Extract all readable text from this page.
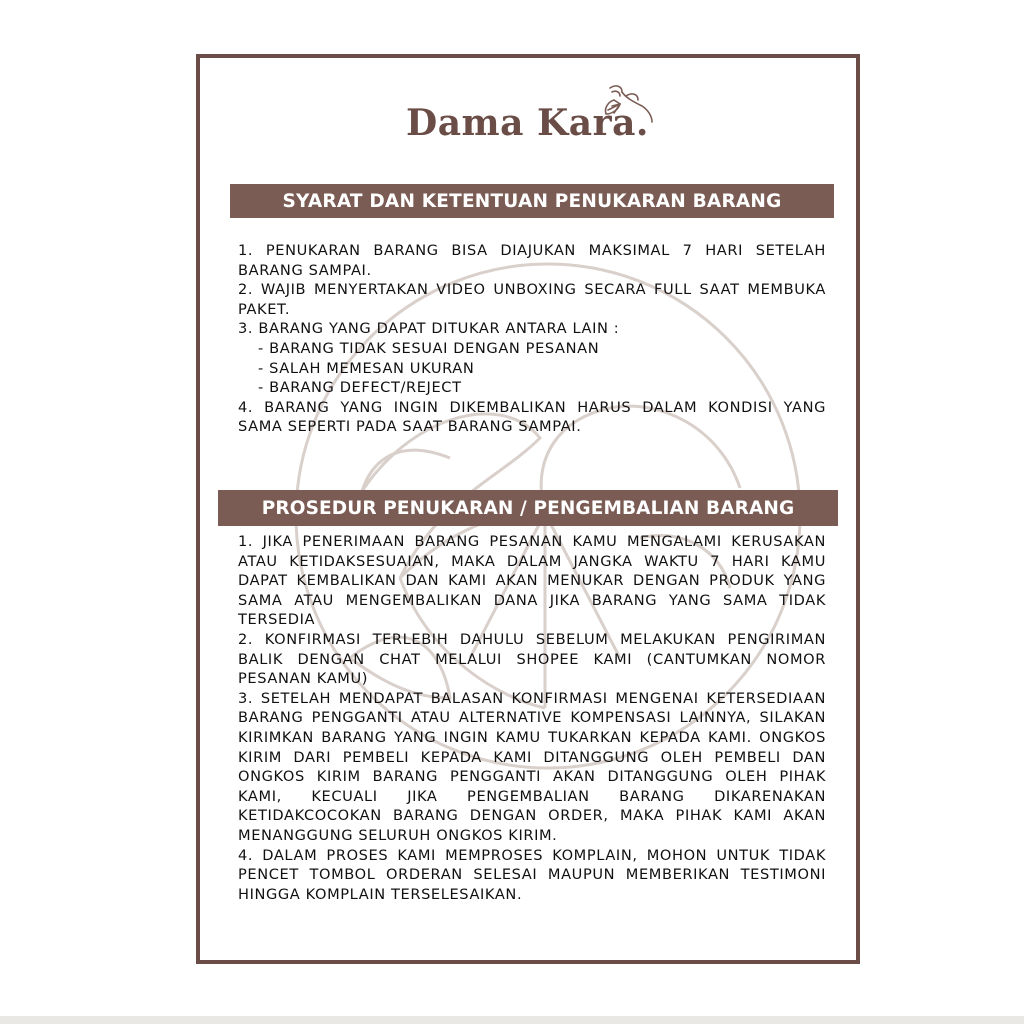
Dama Kara.
SYARAT DAN KETENTUAN PENUKARAN BARANG

1. PENUKARAN BARANG BISA DIAJUKAN MAKSIMAL 7 HARI SETELAH BARANG SAMPAI.

2. WAJIB MENYERTAKAN VIDEO UNBOXING SECARA FULL SAAT MEMBUKA PAKET.

3. BARANG YANG DAPAT DITUKAR ANTARA LAIN :

- BARANG TIDAK SESUAI DENGAN PESANAN

- SALAH MEMESAN UKURAN

- BARANG DEFECT/REJECT

4. BARANG YANG INGIN DIKEMBALIKAN HARUS DALAM KONDISI YANG SAMA SEPERTI PADA SAAT BARANG SAMPAI.

PROSEDUR PENUKARAN / PENGEMBALIAN BARANG

1. JIKA PENERIMAAN BARANG PESANAN KAMU MENGALAMI KERUSAKAN ATAU KETIDAKSESUAIAN, MAKA DALAM JANGKA WAKTU 7 HARI KAMU DAPAT KEMBALIKAN DAN KAMI AKAN MENUKAR DENGAN PRODUK YANG SAMA ATAU MENGEMBALIKAN DANA JIKA BARANG YANG SAMA TIDAK TERSEDIA

2. KONFIRMASI TERLEBIH DAHULU SEBELUM MELAKUKAN PENGIRIMAN BALIK DENGAN CHAT MELALUI SHOPEE KAMI (CANTUMKAN NOMOR PESANAN KAMU)

3. SETELAH MENDAPAT BALASAN KONFIRMASI MENGENAI KETERSEDIAAN BARANG PENGGANTI ATAU ALTERNATIVE KOMPENSASI LAINNYA, SILAKAN KIRIMKAN BARANG YANG INGIN KAMU TUKARKAN KEPADA KAMI. ONGKOS KIRIM DARI PEMBELI KEPADA KAMI DITANGGUNG OLEH PEMBELI DAN ONGKOS KIRIM BARANG PENGGANTI AKAN DITANGGUNG OLEH PIHAK KAMI, KECUALI JIKA PENGEMBALIAN BARANG DIKARENAKAN KETIDAKCOCOKAN BARANG DENGAN ORDER, MAKA PIHAK KAMI AKAN MENANGGUNG SELURUH ONGKOS KIRIM.

4. DALAM PROSES KAMI MEMPROSES KOMPLAIN, MOHON UNTUK TIDAK PENCET TOMBOL ORDERAN SELESAI MAUPUN MEMBERIKAN TESTIMONI HINGGA KOMPLAIN TERSELESAIKAN.
